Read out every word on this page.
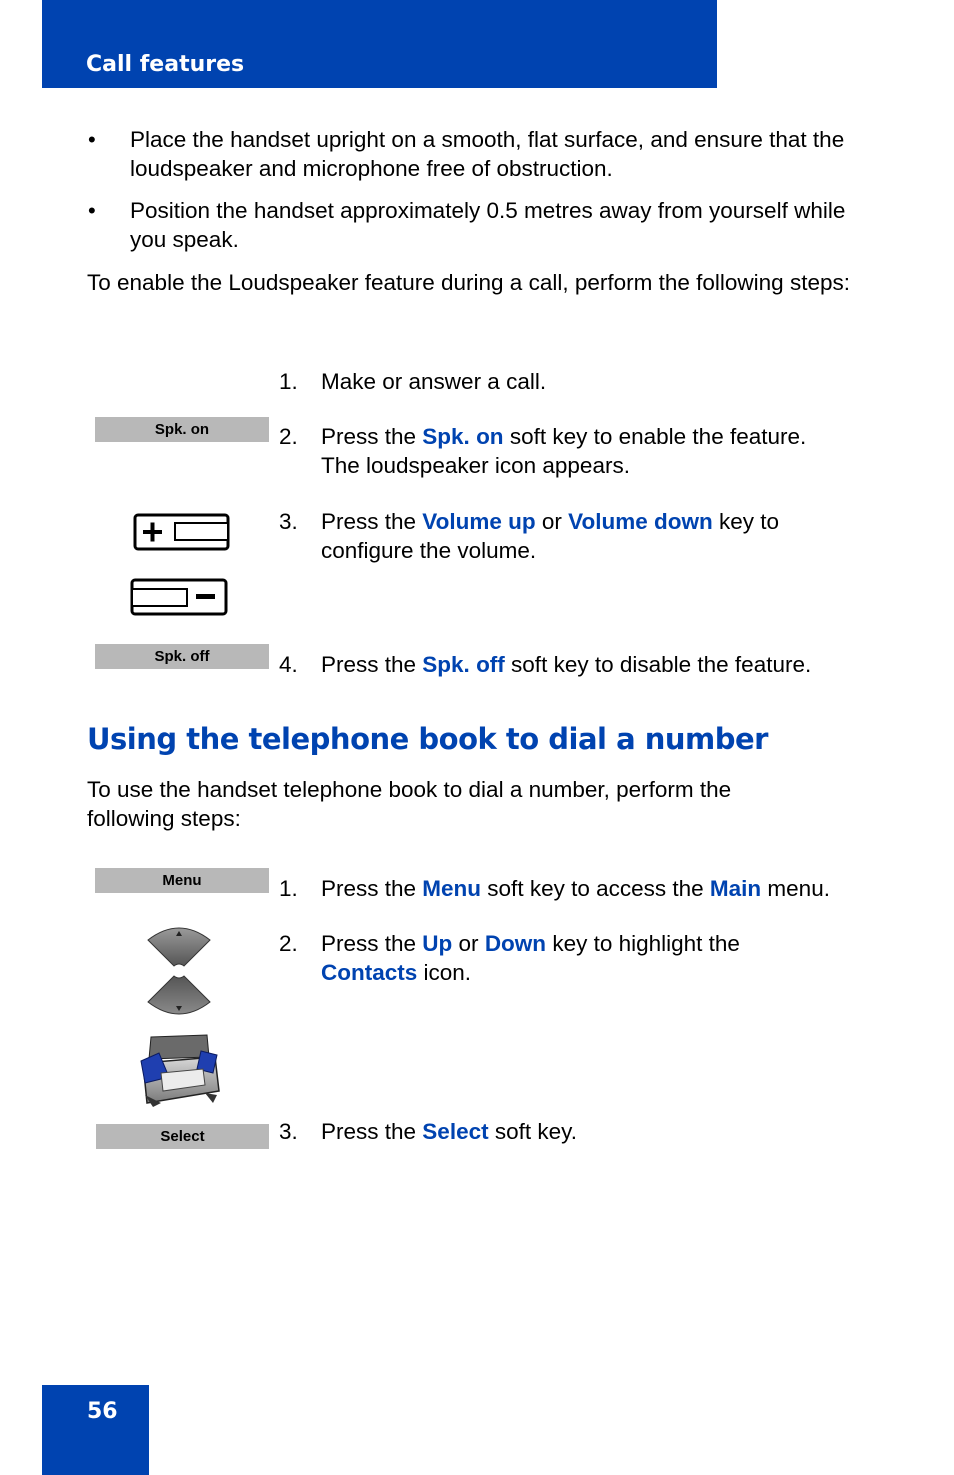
Call features
• Place the handset upright on a smooth, flat surface, and ensure that the loudspeaker and microphone free of obstruction.
• Position the handset approximately 0.5 metres away from yourself while you speak.
To enable the Loudspeaker feature during a call, perform the following steps:
1. Make or answer a call.
Spk. on	2. Press the Spk. on soft key to enable the feature.
The loudspeaker icon appears.
3. Press the Volume up or Volume down key to
configure the volume.
Spk. off	4. Press the Spk. off soft key to disable the feature.
Using the telephone book to dial a number
To use the handset telephone book to dial a number, perform the following steps:
Menu	1. Press the Menu soft key to access the Main menu.
2. Press the Up or Down key to highlight the
Contacts icon.
Select	3. Press the Select soft key.
56
